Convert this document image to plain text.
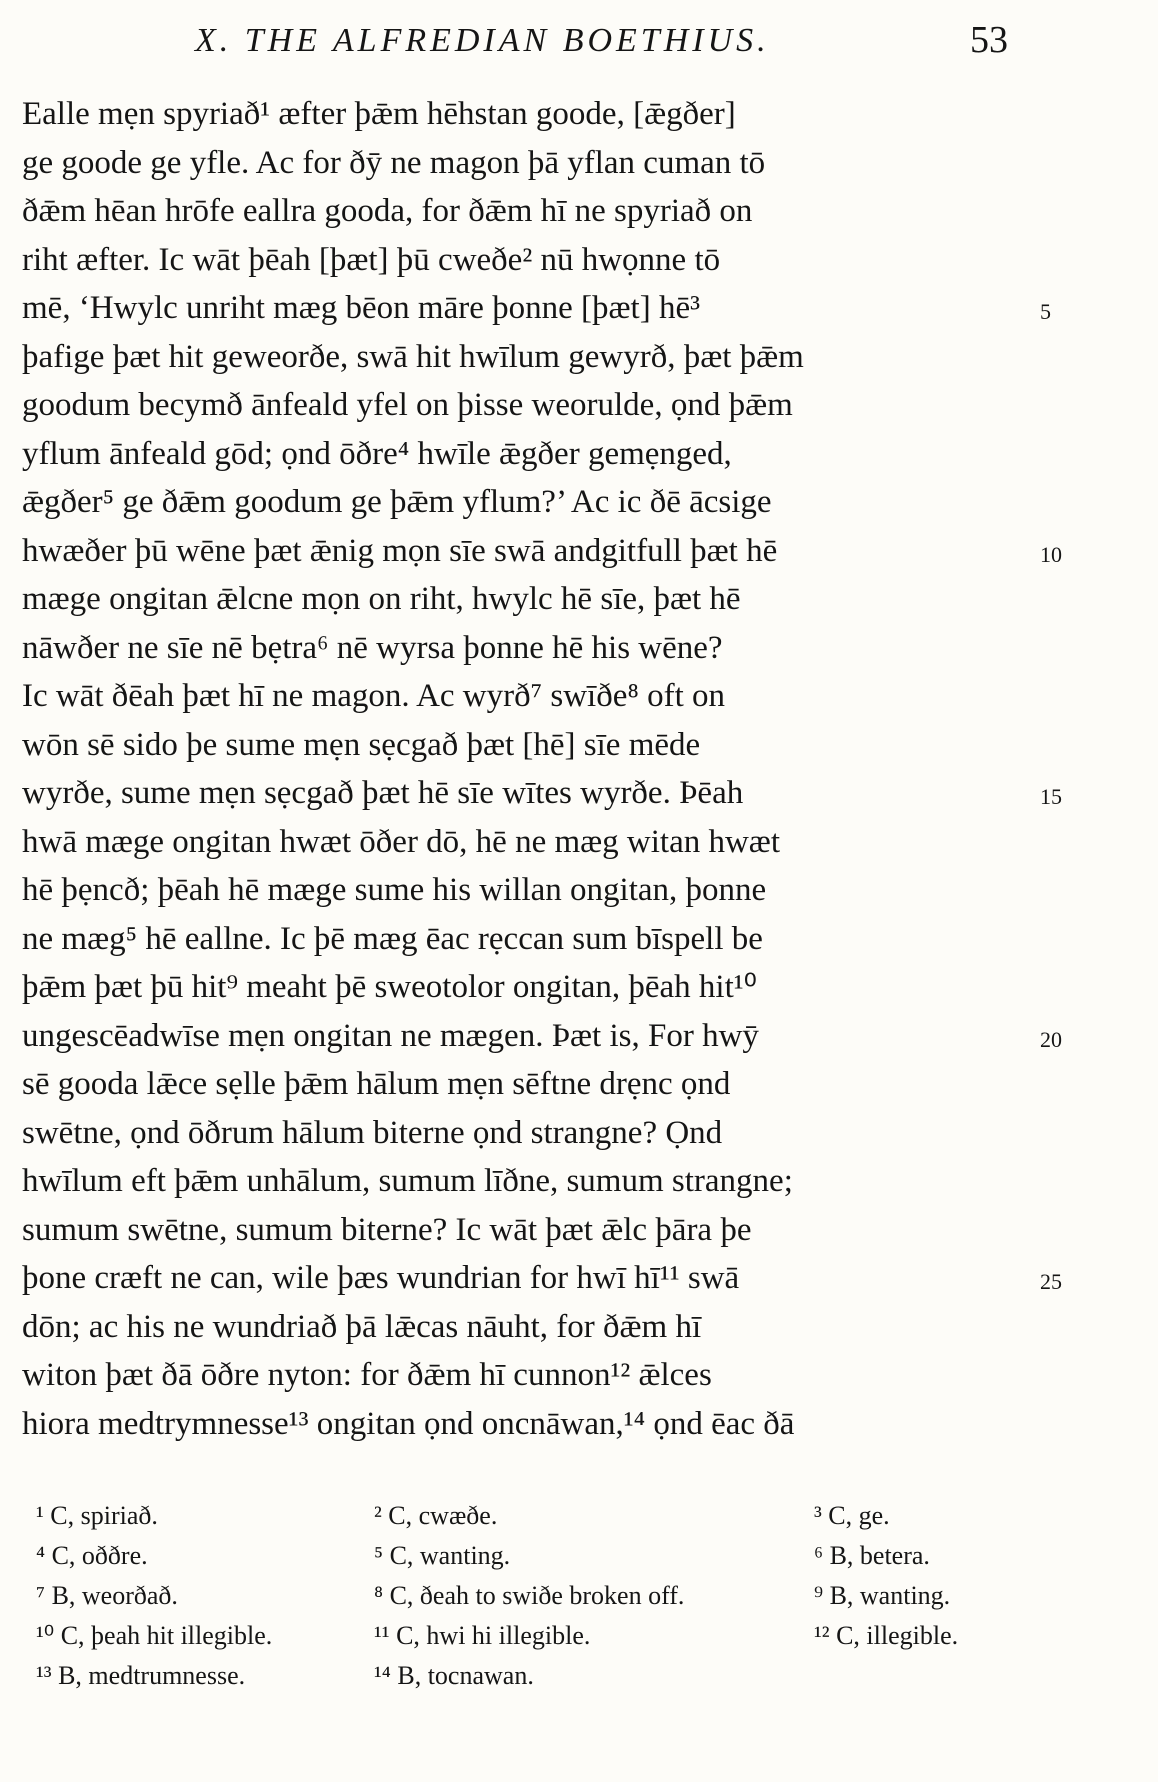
X. THE ALFREDIAN BOETHIUS.	53
Ealle mẹn spyriað¹ æfter þǣm hēhstan goode, [ǣgðer]
ge goode ge yfle. Ac for ðȳ ne magon þā yflan cuman tō
ðǣm hēan hrōfe eallra gooda, for ðǣm hī ne spyriað on
riht æfter. Ic wāt þēah [þæt] þū cweðe² nū hwọnne tō
mē, ‘Hwylc unriht mæg bēon māre þonne [þæt] hē³	5
þafige þæt hit geweorðe, swā hit hwīlum gewyrð, þæt þǣm
goodum becymð ānfeald yfel on þisse weorulde, ọnd þǣm
yflum ānfeald gōd; ọnd ōðre⁴ hwīle ǣgðer gemẹnged,
ǣgðer⁵ ge ðǣm goodum ge þǣm yflum?’ Ac ic ðē ācsige
hwæðer þū wēne þæt ǣnig mọn sīe swā andgitfull þæt hē	10
mæge ongitan ǣlcne mọn on riht, hwylc hē sīe, þæt hē
nāwðer ne sīe nē bẹtra⁶ nē wyrsa þonne hē his wēne?
Ic wāt ðēah þæt hī ne magon. Ac wyrð⁷ swīðe⁸ oft on
wōn sē sido þe sume mẹn sẹcgað þæt [hē] sīe mēde
wyrðe, sume mẹn sẹcgað þæt hē sīe wītes wyrðe. Þēah	15
hwā mæge ongitan hwæt ōðer dō, hē ne mæg witan hwæt
hē þẹncð; þēah hē mæge sume his willan ongitan, þonne
ne mæg⁵ hē eallne. Ic þē mæg ēac rẹccan sum bīspell be
þǣm þæt þū hit⁹ meaht þē sweotolor ongitan, þēah hit¹⁰
ungescēadwīse mẹn ongitan ne mægen. Þæt is, For hwȳ	20
sē gooda lǣce sẹlle þǣm hālum mẹn sēftne drẹnc ọnd
swētne, ọnd ōðrum hālum biterne ọnd strangne? Ọnd
hwīlum eft þǣm unhālum, sumum līðne, sumum strangne;
sumum swētne, sumum biterne? Ic wāt þæt ǣlc þāra þe
þone cræft ne can, wile þæs wundrian for hwī hī¹¹ swā	25
dōn; ac his ne wundriað þā lǣcas nāuht, for ðǣm hī
witon þæt ðā ōðre nyton: for ðǣm hī cunnon¹² ǣlces
hiora medtrymnesse¹³ ongitan ọnd oncnāwan,¹⁴ ọnd ēac ðā
¹ C, spiriað.	² C, cwæðe.	³ C, ge.
⁴ C, oððre.	⁵ C, wanting.	⁶ B, betera.
⁷ B, weorðað.	⁸ C, ðeah to swiðe broken off.	⁹ B, wanting.
¹⁰ C, þeah hit illegible.	¹¹ C, hwi hi illegible.	¹² C, illegible.
¹³ B, medtrumnesse.	¹⁴ B, tocnawan.
